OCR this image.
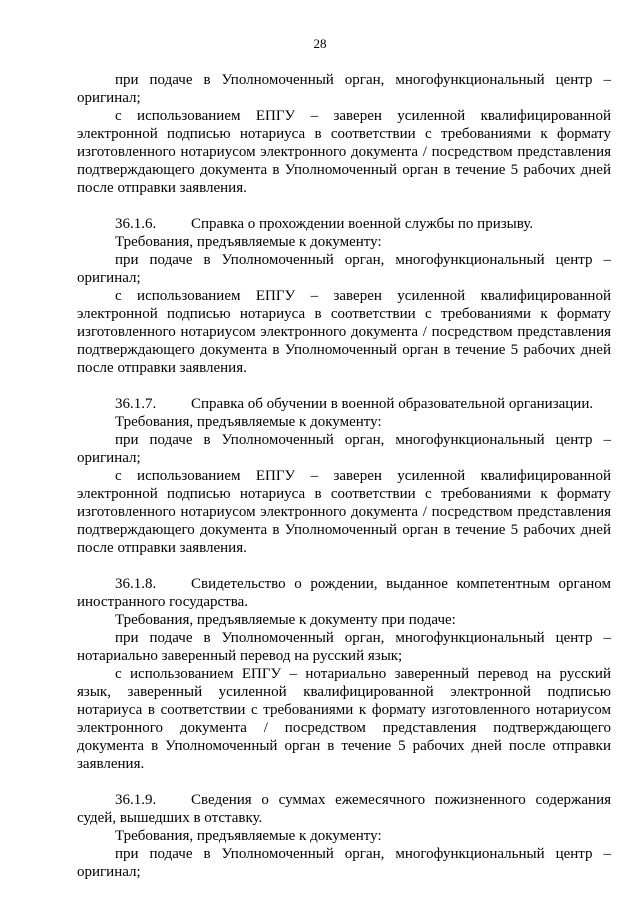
28

при подаче в Уполномоченный орган, многофункциональный центр – оригинал;

с использованием ЕПГУ – заверен усиленной квалифицированной электронной подписью нотариуса в соответствии с требованиями к формату изготовленного нотариусом электронного документа / посредством представления подтверждающего документа в Уполномоченный орган в течение 5 рабочих дней после отправки заявления.

36.1.6. Справка о прохождении военной службы по призыву.

Требования, предъявляемые к документу:

при подаче в Уполномоченный орган, многофункциональный центр – оригинал;

с использованием ЕПГУ – заверен усиленной квалифицированной электронной подписью нотариуса в соответствии с требованиями к формату изготовленного нотариусом электронного документа / посредством представления подтверждающего документа в Уполномоченный орган в течение 5 рабочих дней после отправки заявления.

36.1.7. Справка об обучении в военной образовательной организации.

Требования, предъявляемые к документу:

при подаче в Уполномоченный орган, многофункциональный центр – оригинал;

с использованием ЕПГУ – заверен усиленной квалифицированной электронной подписью нотариуса в соответствии с требованиями к формату изготовленного нотариусом электронного документа / посредством представления подтверждающего документа в Уполномоченный орган в течение 5 рабочих дней после отправки заявления.

36.1.8. Свидетельство о рождении, выданное компетентным органом иностранного государства.

Требования, предъявляемые к документу при подаче:

при подаче в Уполномоченный орган, многофункциональный центр – нотариально заверенный перевод на русский язык;

с использованием ЕПГУ – нотариально заверенный перевод на русский язык, заверенный усиленной квалифицированной электронной подписью нотариуса в соответствии с требованиями к формату изготовленного нотариусом электронного документа / посредством представления подтверждающего документа в Уполномоченный орган в течение 5 рабочих дней после отправки заявления.

36.1.9. Сведения о суммах ежемесячного пожизненного содержания судей, вышедших в отставку.

Требования, предъявляемые к документу:

при подаче в Уполномоченный орган, многофункциональный центр – оригинал;
